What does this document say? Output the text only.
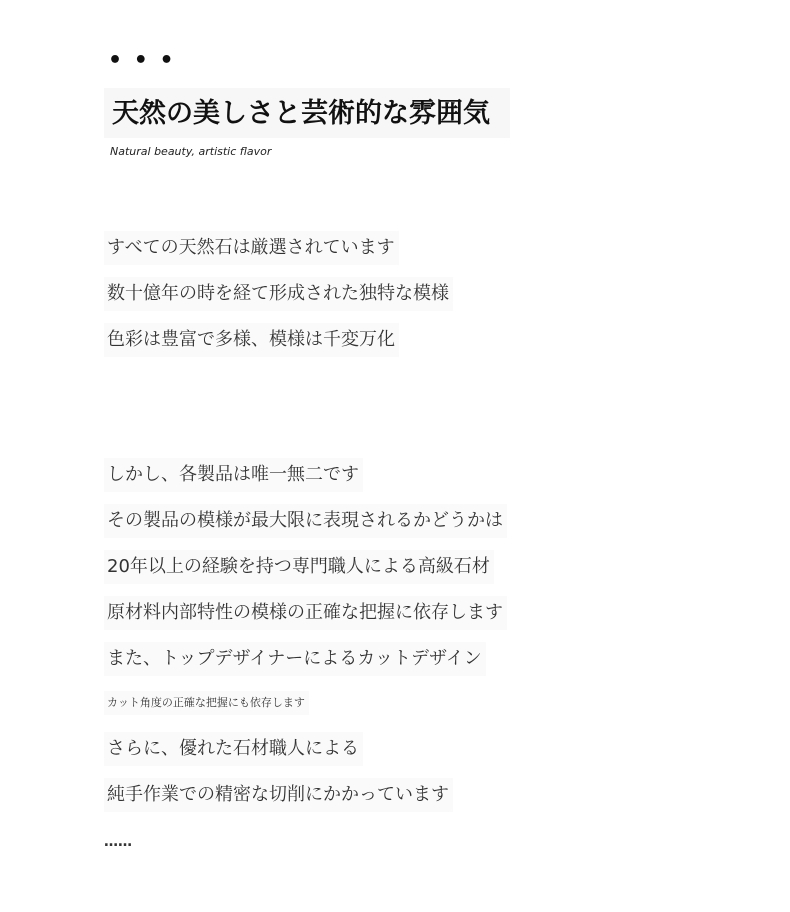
• • •
天然の美しさと芸術的な雰囲気
Natural beauty, artistic flavor
すべての天然石は厳選されています
数十億年の時を経て形成された独特な模様
色彩は豊富で多様、模様は千変万化
しかし、各製品は唯一無二です
その製品の模様が最大限に表現されるかどうかは
20年以上の経験を持つ専門職人による高級石材
原材料内部特性の模様の正確な把握に依存します
また、トップデザイナーによるカットデザイン
カット角度の正確な把握にも依存します
さらに、優れた石材職人による
純手作業での精密な切削にかかっています
……
